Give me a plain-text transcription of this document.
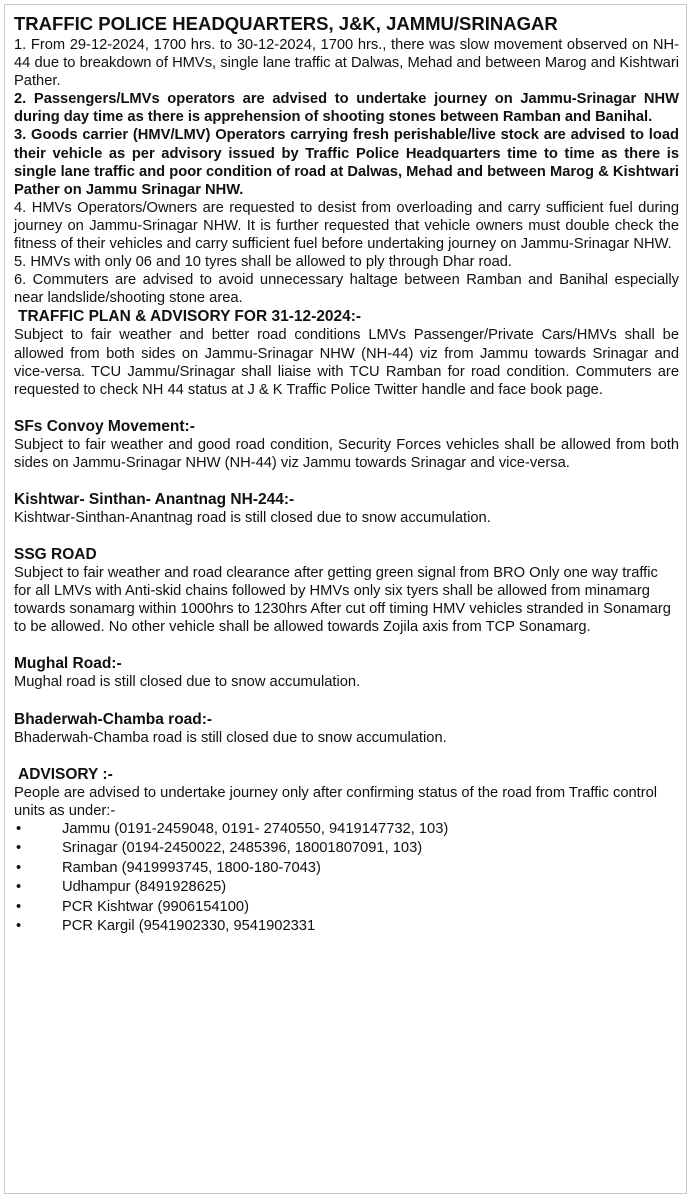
TRAFFIC POLICE HEADQUARTERS, J&K, JAMMU/SRINAGAR

1. From 29-12-2024, 1700 hrs. to 30-12-2024, 1700 hrs., there was slow movement observed on NH-44 due to breakdown of HMVs, single lane traffic at Dalwas, Mehad and between Marog and Kishtwari Pather.

2. Passengers/LMVs operators are advised to undertake journey on Jammu-Srinagar NHW during day time as there is apprehension of shooting stones between Ramban and Banihal.

3. Goods carrier (HMV/LMV) Operators carrying fresh perishable/live stock are advised to load their vehicle as per advisory issued by Traffic Police Headquarters time to time as there is single lane traffic and poor condition of road at Dalwas, Mehad and between Marog & Kishtwari Pather on Jammu Srinagar NHW.

4. HMVs Operators/Owners are requested to desist from overloading and carry sufficient fuel during journey on Jammu-Srinagar NHW. It is further requested that vehicle owners must double check the fitness of their vehicles and carry sufficient fuel before undertaking journey on Jammu-Srinagar NHW.

5. HMVs with only 06 and 10 tyres shall be allowed to ply through Dhar road.

6. Commuters are advised to avoid unnecessary haltage between Ramban and Banihal especially near landslide/shooting stone area.

TRAFFIC PLAN & ADVISORY FOR 31-12-2024:-

Subject to fair weather and better road conditions LMVs Passenger/Private Cars/HMVs shall be allowed from both sides on Jammu-Srinagar NHW (NH-44) viz from Jammu towards Srinagar and vice-versa. TCU Jammu/Srinagar shall liaise with TCU Ramban for road condition. Commuters are requested to check NH 44 status at J & K Traffic Police Twitter handle and face book page.

SFs Convoy Movement:-

Subject to fair weather and good road condition, Security Forces vehicles shall be allowed from both sides on Jammu-Srinagar NHW (NH-44) viz Jammu towards Srinagar and vice-versa.

Kishtwar- Sinthan- Anantnag NH-244:-

Kishtwar-Sinthan-Anantnag road is still closed due to snow accumulation.

SSG ROAD

Subject to fair weather and road clearance after getting green signal from BRO Only one way traffic for all LMVs with Anti-skid chains followed by HMVs only six tyers shall be allowed from minamarg towards sonamarg within 1000hrs to 1230hrs After cut off timing HMV vehicles stranded in Sonamarg to be allowed. No other vehicle shall be allowed towards Zojila axis from TCP Sonamarg.

Mughal Road:-

Mughal road is still closed due to snow accumulation.

Bhaderwah-Chamba road:-

Bhaderwah-Chamba road is still closed due to snow accumulation.

ADVISORY :-

People are advised to undertake journey only after confirming status of the road from Traffic control units as under:-

•	Jammu (0191-2459048, 0191- 2740550, 9419147732, 103)
•	Srinagar (0194-2450022, 2485396, 18001807091, 103)
•	Ramban (9419993745, 1800-180-7043)
•	Udhampur (8491928625)
•	PCR Kishtwar (9906154100)
•	PCR Kargil (9541902330, 9541902331
